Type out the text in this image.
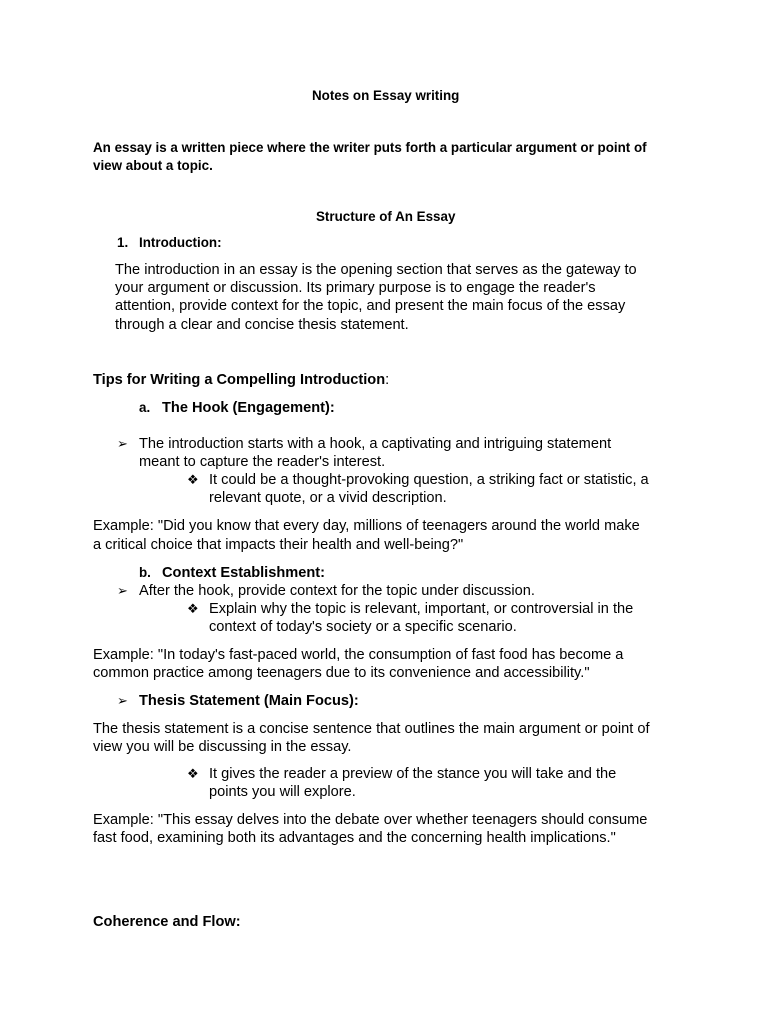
Notes on Essay writing
An essay is a written piece where the writer puts forth a particular argument or point of
view about a topic.
Structure of An Essay
1. Introduction:
The introduction in an essay is the opening section that serves as the gateway to
your argument or discussion. Its primary purpose is to engage the reader's
attention, provide context for the topic, and present the main focus of the essay
through a clear and concise thesis statement.
Tips for Writing a Compelling Introduction:
a. The Hook (Engagement):
➢ The introduction starts with a hook, a captivating and intriguing statement
meant to capture the reader's interest.
❖ It could be a thought-provoking question, a striking fact or statistic, a
relevant quote, or a vivid description.
Example: "Did you know that every day, millions of teenagers around the world make
a critical choice that impacts their health and well-being?"
b. Context Establishment:
➢ After the hook, provide context for the topic under discussion.
❖ Explain why the topic is relevant, important, or controversial in the
context of today's society or a specific scenario.
Example: "In today's fast-paced world, the consumption of fast food has become a
common practice among teenagers due to its convenience and accessibility."
➢ Thesis Statement (Main Focus):
The thesis statement is a concise sentence that outlines the main argument or point of
view you will be discussing in the essay.
❖ It gives the reader a preview of the stance you will take and the
points you will explore.
Example: "This essay delves into the debate over whether teenagers should consume
fast food, examining both its advantages and the concerning health implications."
Coherence and Flow:
